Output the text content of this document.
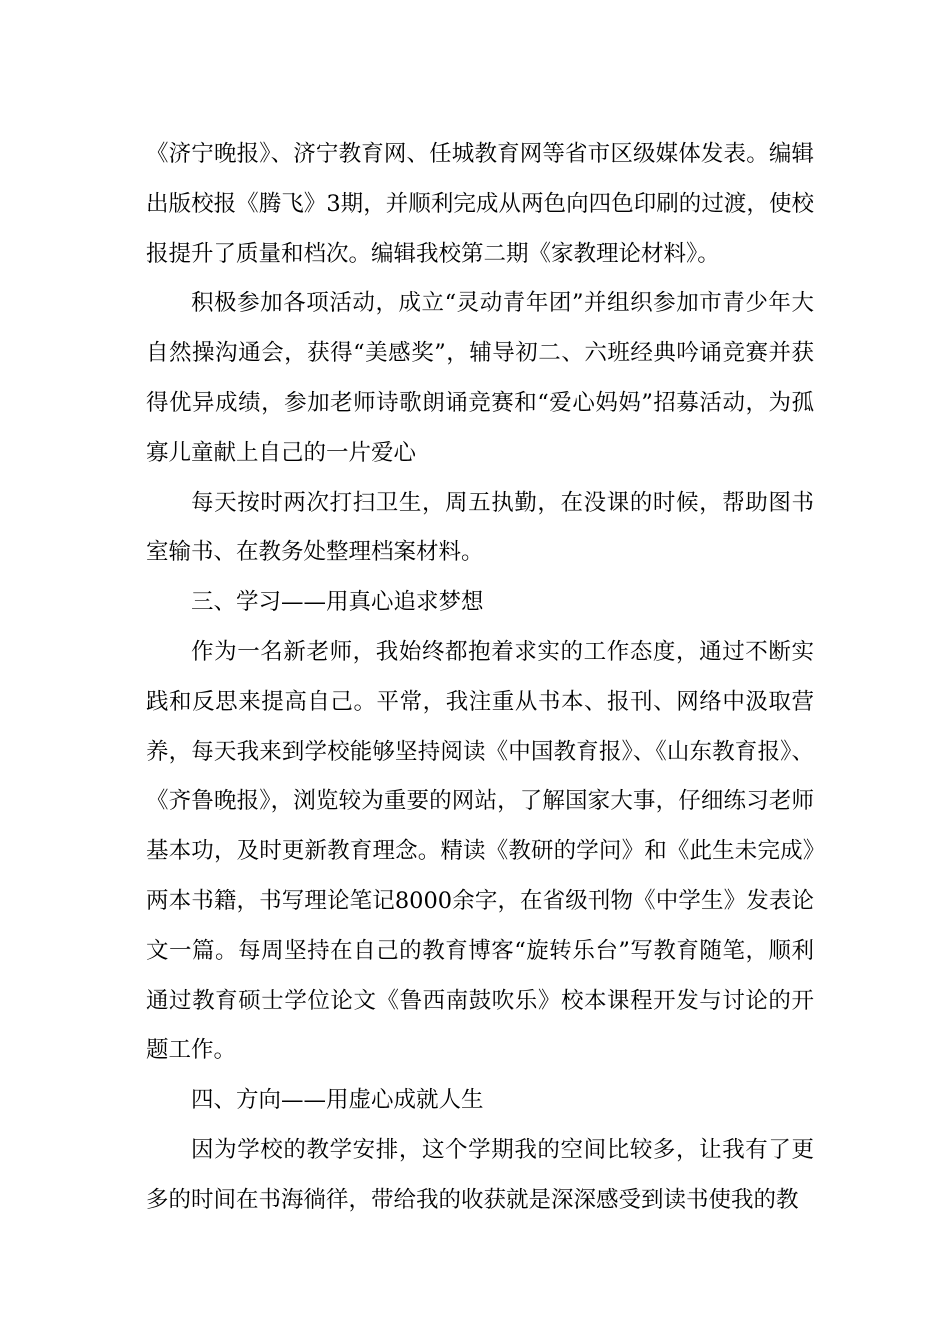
《济宁晚报》、济宁教育网、任城教育网等省市区级媒体发表。编辑出版校报《腾飞》3期，并顺利完成从两色向四色印刷的过渡，使校报提升了质量和档次。编辑我校第二期《家教理论材料》。

积极参加各项活动，成立“灵动青年团”并组织参加市青少年大自然操沟通会，获得“美感奖”，辅导初二、六班经典吟诵竞赛并获得优异成绩，参加老师诗歌朗诵竞赛和“爱心妈妈”招募活动，为孤寡儿童献上自己的一片爱心

每天按时两次打扫卫生，周五执勤，在没课的时候，帮助图书室输书、在教务处整理档案材料。

三、学习——用真心追求梦想

作为一名新老师，我始终都抱着求实的工作态度，通过不断实践和反思来提高自己。平常，我注重从书本、报刊、网络中汲取营养，每天我来到学校能够坚持阅读《中国教育报》、《山东教育报》、《齐鲁晚报》，浏览较为重要的网站，了解国家大事，仔细练习老师基本功，及时更新教育理念。精读《教研的学问》和《此生未完成》两本书籍，书写理论笔记8000余字，在省级刊物《中学生》发表论文一篇。每周坚持在自己的教育博客“旋转乐台”写教育随笔，顺利通过教育硕士学位论文《鲁西南鼓吹乐》校本课程开发与讨论的开题工作。

四、方向——用虚心成就人生

因为学校的教学安排，这个学期我的空间比较多，让我有了更多的时间在书海徜徉，带给我的收获就是深深感受到读书使我的教
